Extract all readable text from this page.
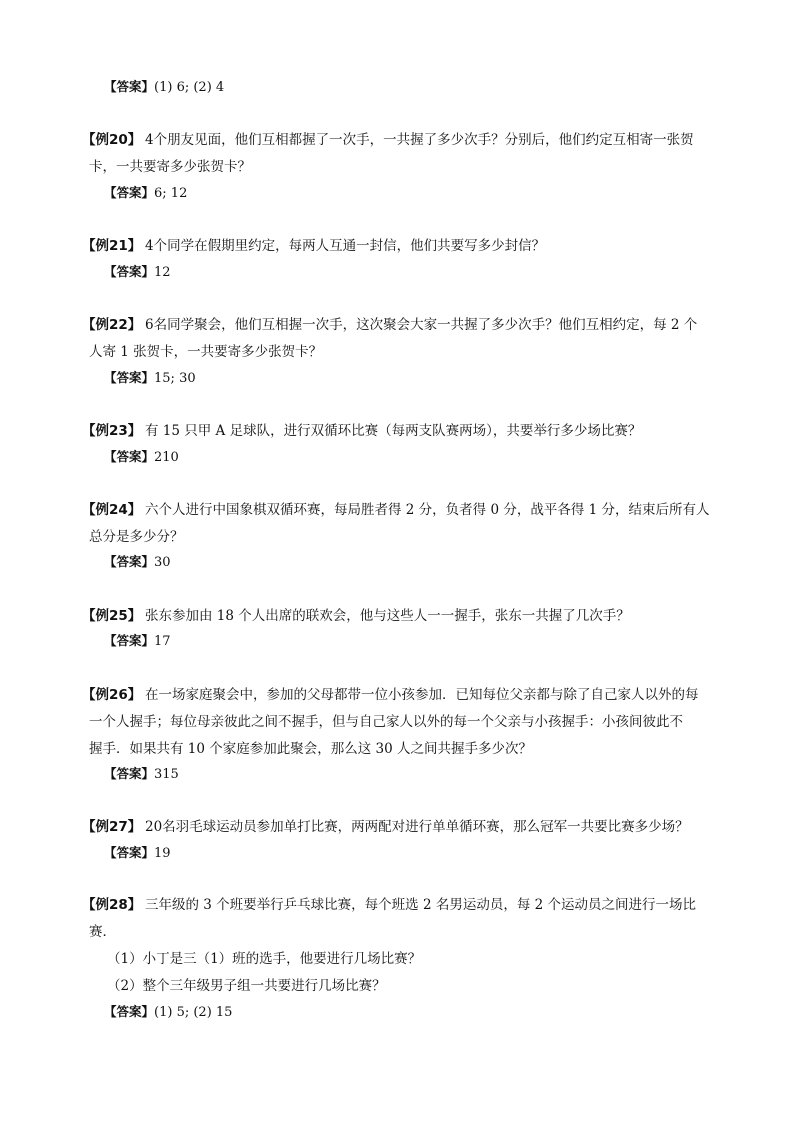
【答案】(1) 6; (2) 4
【例20】 4个朋友见面，他们互相都握了一次手，一共握了多少次手？分别后，他们约定互相寄一张贺
卡，一共要寄多少张贺卡？
【答案】6; 12
【例21】 4个同学在假期里约定，每两人互通一封信，他们共要写多少封信？
【答案】12
【例22】 6名同学聚会，他们互相握一次手，这次聚会大家一共握了多少次手？他们互相约定，每 2 个
人寄 1 张贺卡，一共要寄多少张贺卡？
【答案】15; 30
【例23】 有 15 只甲 A 足球队，进行双循环比赛（每两支队赛两场），共要举行多少场比赛？
【答案】210
【例24】 六个人进行中国象棋双循环赛，每局胜者得 2 分，负者得 0 分，战平各得 1 分，结束后所有人
总分是多少分？
【答案】30
【例25】 张东参加由 18 个人出席的联欢会，他与这些人一一握手，张东一共握了几次手？
【答案】17
【例26】 在一场家庭聚会中，参加的父母都带一位小孩参加．已知每位父亲都与除了自己家人以外的每
一个人握手；每位母亲彼此之间不握手，但与自己家人以外的每一个父亲与小孩握手：小孩间彼此不
握手．如果共有 10 个家庭参加此聚会，那么这 30 人之间共握手多少次？
【答案】315
【例27】 20名羽毛球运动员参加单打比赛，两两配对进行单单循环赛，那么冠军一共要比赛多少场？
【答案】19
【例28】 三年级的 3 个班要举行乒乓球比赛，每个班选 2 名男运动员，每 2 个运动员之间进行一场比
赛．
（1）小丁是三（1）班的选手，他要进行几场比赛？
（2）整个三年级男子组一共要进行几场比赛？
【答案】(1) 5; (2) 15
